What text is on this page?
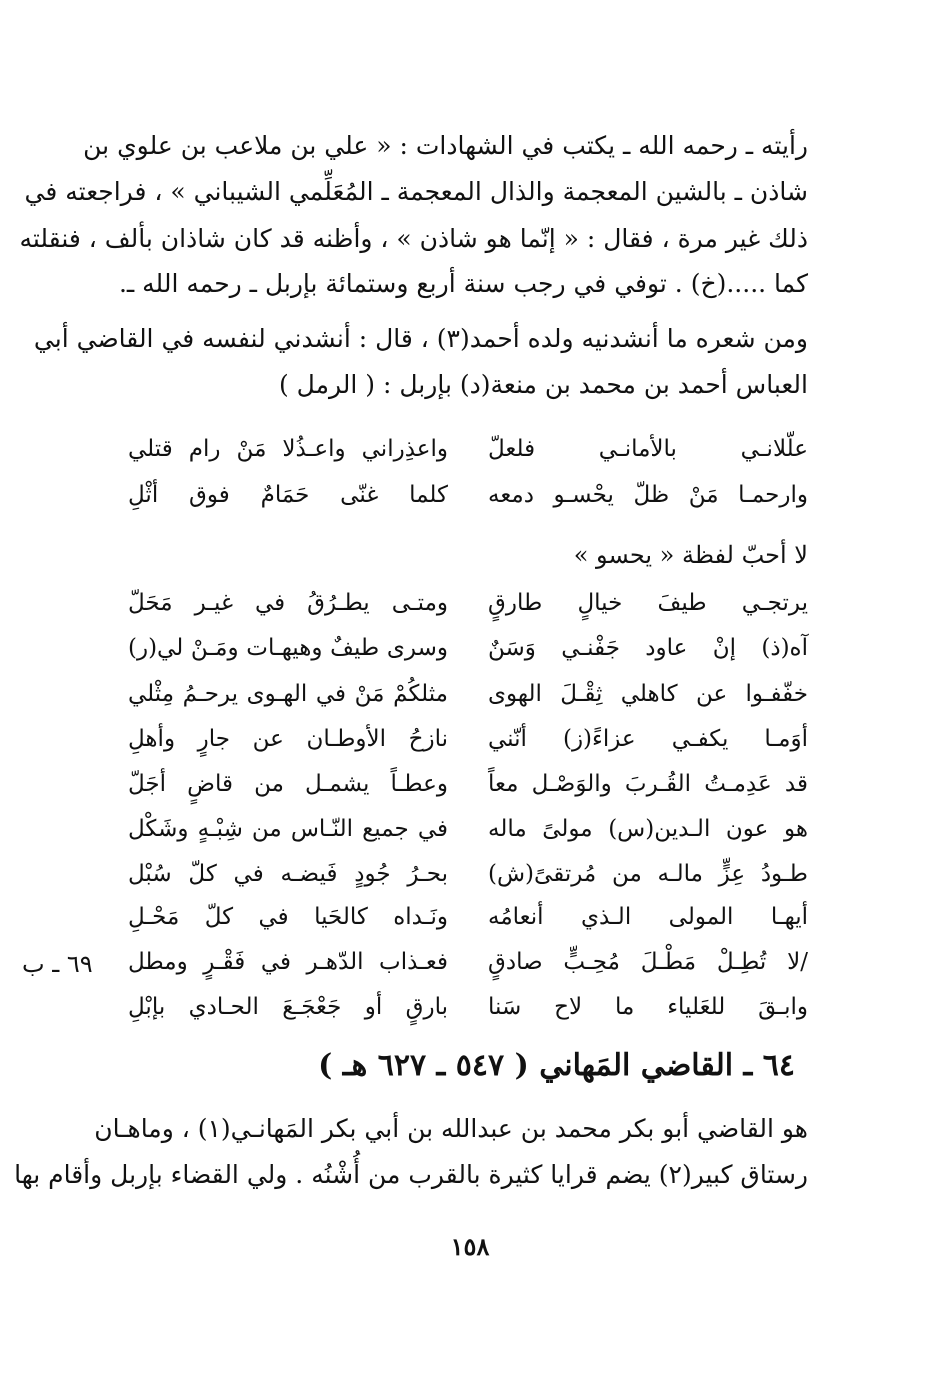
رأيته ـ رحمه الله ـ يكتب في الشهادات : « علي بن ملاعب بن علوي بن
شاذن ـ بالشين المعجمة والذال المعجمة ـ المُعَلِّمي الشيباني » ، فراجعته في
ذلك غير مرة ، فقال : « إنّما هو شاذن » ، وأظنه قد كان شاذان بألف ، فنقلته
كما .....(خ) . توفي في رجب سنة أربع وستمائة بإربل ـ رحمه الله ـ.
ومن شعره ما أنشدنيه ولده أحمد(٣) ، قال : أنشدني لنفسه في القاضي أبي
العباس أحمد بن محمد بن منعة(د) بإربل : ( الرمل )
علّلانـي بالأمانـي فلعلّ
واعذِراني واعـذُلا مَنْ رام قتلي
وارحمـا مَنْ ظلّ يحْسـو دمعه
كلما غنّى حَمَامٌ فوق أثْلِ
لا أحبّ لفظة « يحسو »
يرتجـي طيفَ خيالٍ طارقٍ
ومتـى يطـرُقُ في غيـر مَحَلّ
آه(ذ) إنْ عاود جَفْنـي وَسَنٌ
وسرى طيفٌ وهيهـات ومَـنْ لي(ر)
خفّفـوا عن كاهلي ثِقْـلَ الهوى
مثلكُمْ مَنْ في الهـوى يرحـمُ مِثْلي
أوَمـا يكفـي عزاءً(ز) أنّني
نازحُ الأوطـان عن جارٍ وأهلِ
قد عَدِمـتُ القُـربَ والوَصْـل معاً
وعطـاً يشمـل من قاضٍ أجَلّ
هو عون الـدين(س) مولىً ماله
في جميع النّـاس من شِبْـهٍ وشَكْل
طـودُ عِزٍّ مالـه من مُرتقىً(ش)
بحـرُ جُودٍ فَيضـه في كلّ سُبْل
أيهـا المولى الـذي أنعامُه
ونَـداه كالحَيا في كلّ مَحْـلِ
/لا تُطِـلْ مَطْـلَ مُحِـبٍّ صادقٍ
فعـذاب الدّهـر في فَقْـرٍ ومطل
وابـقَ للعَلياء ما لاح سَنا
بارقٍ أو جَعْجَـعَ الحـادي بإبْلِ
٦٩ ـ ب
٦٤ ـ القاضي المَهاني ( ٥٤٧ ـ ٦٢٧ هـ )
هو القاضي أبو بكر محمد بن عبدالله بن أبي بكر المَهانـي(١) ، وماهـان
رستاق كبير(٢) يضم قرايا كثيرة بالقرب من أُشْنُه . ولي القضاء بإربل وأقام بها
١٥٨
